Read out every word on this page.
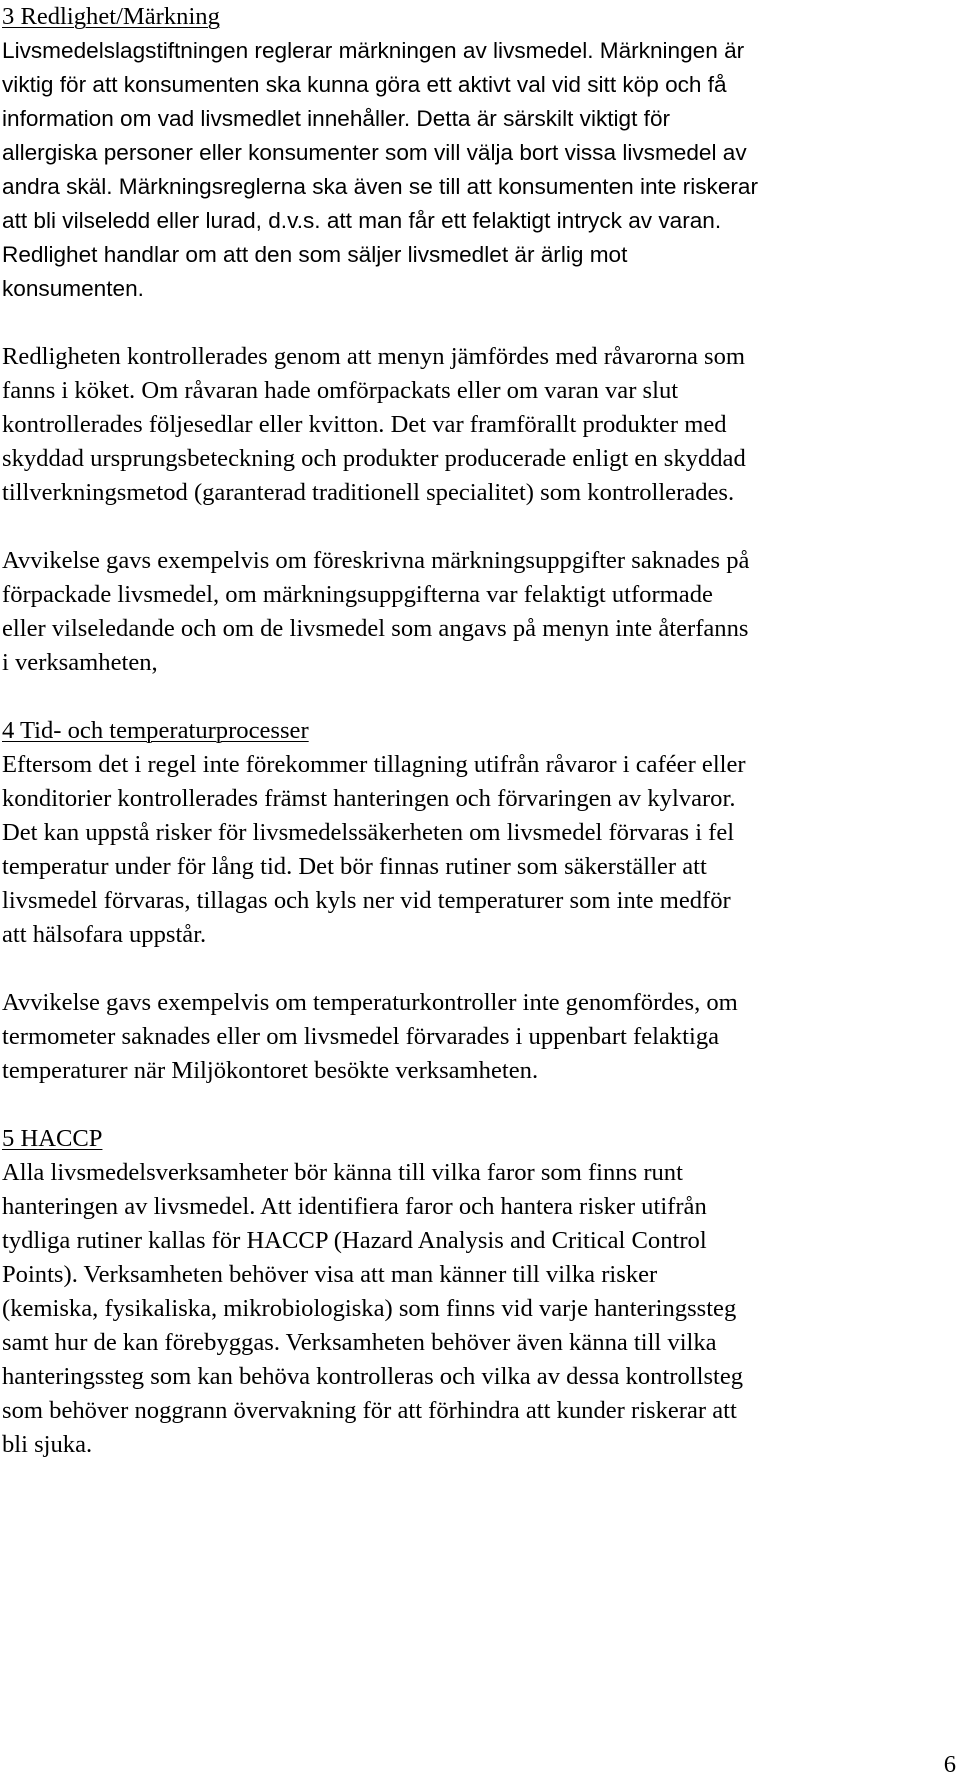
3 Redlighet/Märkning
Livsmedelslagstiftningen reglerar märkningen av livsmedel. Märkningen är
viktig för att konsumenten ska kunna göra ett aktivt val vid sitt köp och få
information om vad livsmedlet innehåller. Detta är särskilt viktigt för
allergiska personer eller konsumenter som vill välja bort vissa livsmedel av
andra skäl. Märkningsreglerna ska även se till att konsumenten inte riskerar
att bli vilseledd eller lurad, d.v.s. att man får ett felaktigt intryck av varan.
Redlighet handlar om att den som säljer livsmedlet är ärlig mot
konsumenten.
Redligheten kontrollerades genom att menyn jämfördes med råvarorna som
fanns i köket. Om råvaran hade omförpackats eller om varan var slut
kontrollerades följesedlar eller kvitton. Det var framförallt produkter med
skyddad ursprungsbeteckning och produkter producerade enligt en skyddad
tillverkningsmetod (garanterad traditionell specialitet) som kontrollerades.
Avvikelse gavs exempelvis om föreskrivna märkningsuppgifter saknades på
förpackade livsmedel, om märkningsuppgifterna var felaktigt utformade
eller vilseledande och om de livsmedel som angavs på menyn inte återfanns
i verksamheten,
4 Tid- och temperaturprocesser
Eftersom det i regel inte förekommer tillagning utifrån råvaror i caféer eller
konditorier kontrollerades främst hanteringen och förvaringen av kylvaror.
Det kan uppstå risker för livsmedelssäkerheten om livsmedel förvaras i fel
temperatur under för lång tid. Det bör finnas rutiner som säkerställer att
livsmedel förvaras, tillagas och kyls ner vid temperaturer som inte medför
att hälsofara uppstår.
Avvikelse gavs exempelvis om temperaturkontroller inte genomfördes, om
termometer saknades eller om livsmedel förvarades i uppenbart felaktiga
temperaturer när Miljökontoret besökte verksamheten.
5 HACCP
Alla livsmedelsverksamheter bör känna till vilka faror som finns runt
hanteringen av livsmedel. Att identifiera faror och hantera risker utifrån
tydliga rutiner kallas för HACCP (Hazard Analysis and Critical Control
Points). Verksamheten behöver visa att man känner till vilka risker
(kemiska, fysikaliska, mikrobiologiska) som finns vid varje hanteringssteg
samt hur de kan förebyggas. Verksamheten behöver även känna till vilka
hanteringssteg som kan behöva kontrolleras och vilka av dessa kontrollsteg
som behöver noggrann övervakning för att förhindra att kunder riskerar att
bli sjuka.
6
